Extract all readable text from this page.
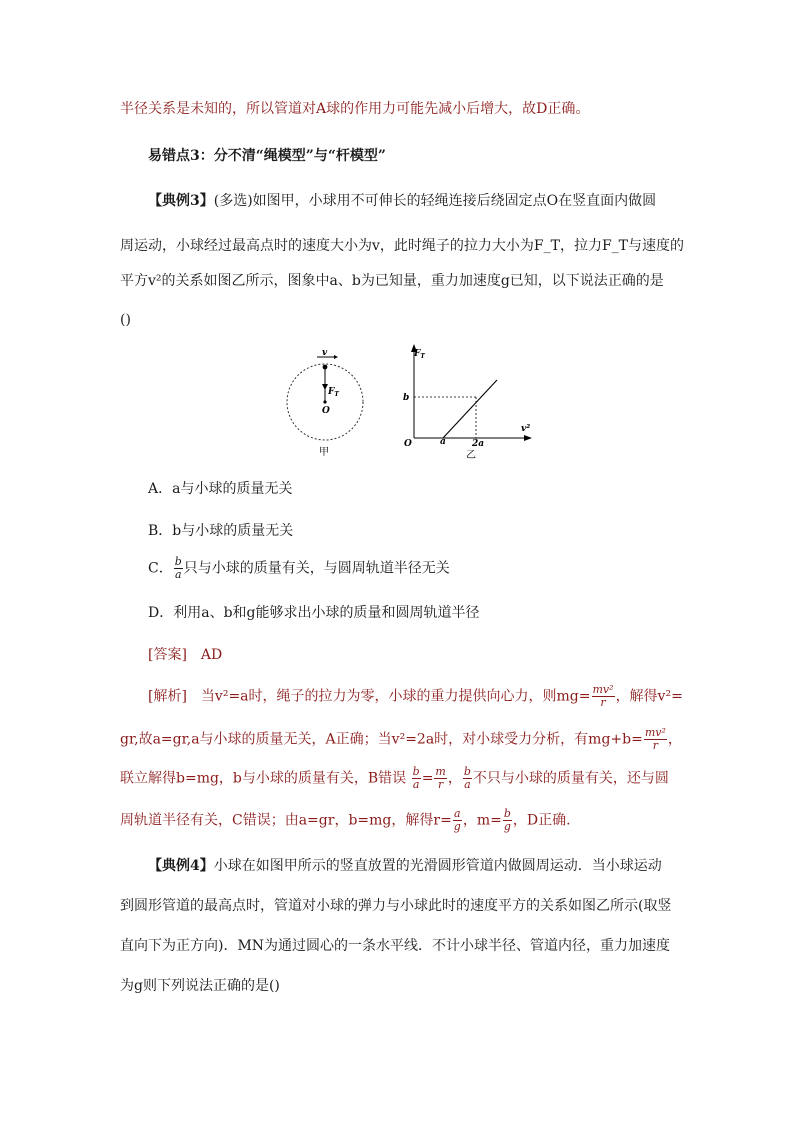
半径关系是未知的，所以管道对A球的作用力可能先减小后增大，故D正确。
易错点3：分不清“绳模型”与“杆模型”
【典例3】(多选)如图甲，小球用不可伸长的轻绳连接后绕固定点O在竖直面内做圆
周运动，小球经过最高点时的速度大小为v，此时绳子的拉力大小为F_T，拉力F_T与速度的
平方v²的关系如图乙所示，图象中a、b为已知量，重力加速度g已知，以下说法正确的是
()
v
$F_T$
O
甲
$F_T$
b
O	a	2a
v²
乙
A．a与小球的质量无关
B．b与小球的质量无关
C． $\frac{b}{a}$ 只与小球的质量有关，与圆周轨道半径无关
D．利用a、b和g能够求出小球的质量和圆周轨道半径
[答案]　AD
[解析]　当v²=a时，绳子的拉力为零，小球的重力提供向心力，则$mg= \frac{\text{mv²}}{r}$ ，解得v²=
gr,故a=gr,a与小球的质量无关，A正确；当v²=2a时，对小球受力分析，有$mg+b= \frac{\text{mv²}}{r}$ ，
联立解得b=mg，b与小球的质量有关，B错误 $\frac{b}{a} = \frac{m}{r}$ ， $\frac{b}{a}$ 不只与小球的质量有关，还与圆
周轨道半径有关，C错误；由a=gr，b=mg，解得$r= \frac{a}{g}$ ，$m= \frac{b}{g}$ ，D正确.
【典例4】小球在如图甲所示的竖直放置的光滑圆形管道内做圆周运动．当小球运动
到圆形管道的最高点时，管道对小球的弹力与小球此时的速度平方的关系如图乙所示(取竖
直向下为正方向)．MN为通过圆心的一条水平线．不计小球半径、管道内径，重力加速度
为g则下列说法正确的是()
